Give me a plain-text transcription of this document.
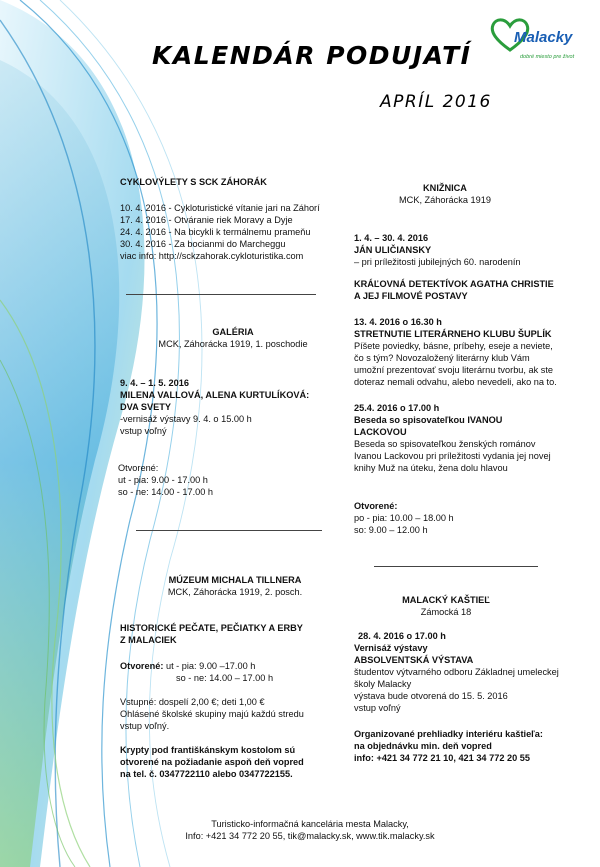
Malacky
dobré miesto pre život
KALENDÁR PODUJATÍ
APRÍL 2016

CYKLOVÝLETY S SCK ZÁHORÁK

10. 4. 2016 - Cykloturistické vítanie jari na Záhorí

17. 4. 2016 - Otváranie riek Moravy a Dyje

24. 4. 2016 - Na bicykli k termálnemu prameňu

30. 4. 2016 - Za bocianmi do Marcheggu

viac info: http://sckzahorak.cykloturistika.com

GALÉRIA
MCK, Záhorácka 1919, 1. poschodie

9. 4. – 1. 5. 2016

MILENA VALLOVÁ, ALENA KURTULÍKOVÁ:

DVA SVETY

-vernisáž výstavy 9. 4. o 15.00 h

vstup voľný

Otvorené:

ut - pia: 9.00 - 17.00 h

so - ne: 14.00 - 17.00 h

MÚZEUM MICHALA TILLNERA
MCK, Záhorácka 1919, 2. posch.

HISTORICKÉ PEČATE, PEČIATKY A ERBY

Z MALACIEK

Otvorené: ut - pia: 9.00 –17.00 h

so - ne: 14.00 – 17.00 h

Vstupné: dospelí 2,00 €; deti 1,00 €

Ohlásené školské skupiny majú každú stredu

vstup voľný.

Krypty pod františkánskym kostolom sú

otvorené na požiadanie aspoň deň vopred

na tel. č. 0347722110 alebo 0347722155.

KNIŽNICA
MCK, Záhorácka 1919

1. 4. – 30. 4. 2016

JÁN ULIČIANSKY

– pri príležitosti jubilejných 60. narodenín

KRÁĽOVNÁ DETEKTÍVOK AGATHA CHRISTIE

A JEJ FILMOVÉ POSTAVY

13. 4. 2016 o 16.30 h

STRETNUTIE LITERÁRNEHO KLUBU ŠUPLÍK

Píšete poviedky, básne, príbehy, eseje a neviete,

čo s tým? Novozaložený literárny klub Vám

umožní prezentovať svoju literárnu tvorbu, ak ste

doteraz nemali odvahu, alebo nevedeli, ako na to.

25.4. 2016 o 17.00 h

Beseda so spisovateľkou IVANOU

LACKOVOU

Beseda so spisovateľkou ženských románov

Ivanou Lackovou pri príležitosti vydania jej novej

knihy Muž na úteku, žena dolu hlavou

Otvorené:

po - pia: 10.00 – 18.00 h

so: 9.00 – 12.00 h

MALACKÝ KAŠTIEĽ
Zámocká 18

28. 4. 2016 o 17.00 h

Vernisáž výstavy

ABSOLVENTSKÁ VÝSTAVA

študentov výtvarného odboru Základnej umeleckej

školy Malacky

výstava bude otvorená do 15. 5. 2016

vstup voľný

Organizované prehliadky interiéru kaštieľa:

na objednávku min. deň vopred

info: +421 34 772 21 10, 421 34 772 20 55

Turisticko-informačná kancelária mesta Malacky,

Info: +421 34 772 20 55, tik@malacky.sk, www.tik.malacky.sk
